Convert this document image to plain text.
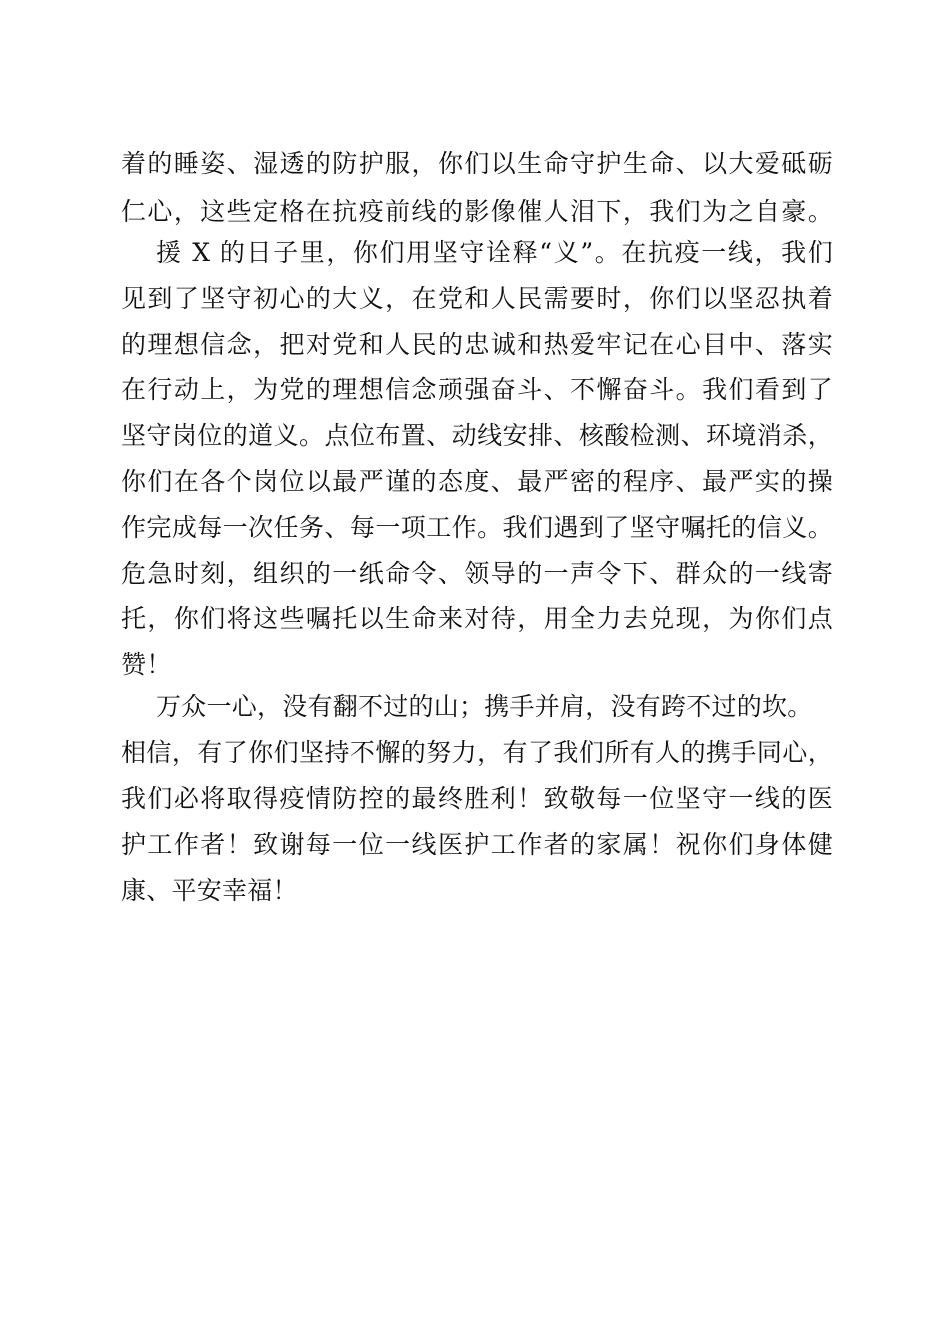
着的睡姿、湿透的防护服，你们以生命守护生命、以大爱砥砺
仁心，这些定格在抗疫前线的影像催人泪下，我们为之自豪。
援 X 的日子里，你们用坚守诠释“义”。在抗疫一线，我们
见到了坚守初心的大义，在党和人民需要时，你们以坚忍执着
的理想信念，把对党和人民的忠诚和热爱牢记在心目中、落实
在行动上，为党的理想信念顽强奋斗、不懈奋斗。我们看到了
坚守岗位的道义。点位布置、动线安排、核酸检测、环境消杀，
你们在各个岗位以最严谨的态度、最严密的程序、最严实的操
作完成每一次任务、每一项工作。我们遇到了坚守嘱托的信义。
危急时刻，组织的一纸命令、领导的一声令下、群众的一线寄
托，你们将这些嘱托以生命来对待，用全力去兑现，为你们点
赞！
万众一心，没有翻不过的山；携手并肩，没有跨不过的坎。
相信，有了你们坚持不懈的努力，有了我们所有人的携手同心，
我们必将取得疫情防控的最终胜利！致敬每一位坚守一线的医
护工作者！致谢每一位一线医护工作者的家属！祝你们身体健
康、平安幸福！
